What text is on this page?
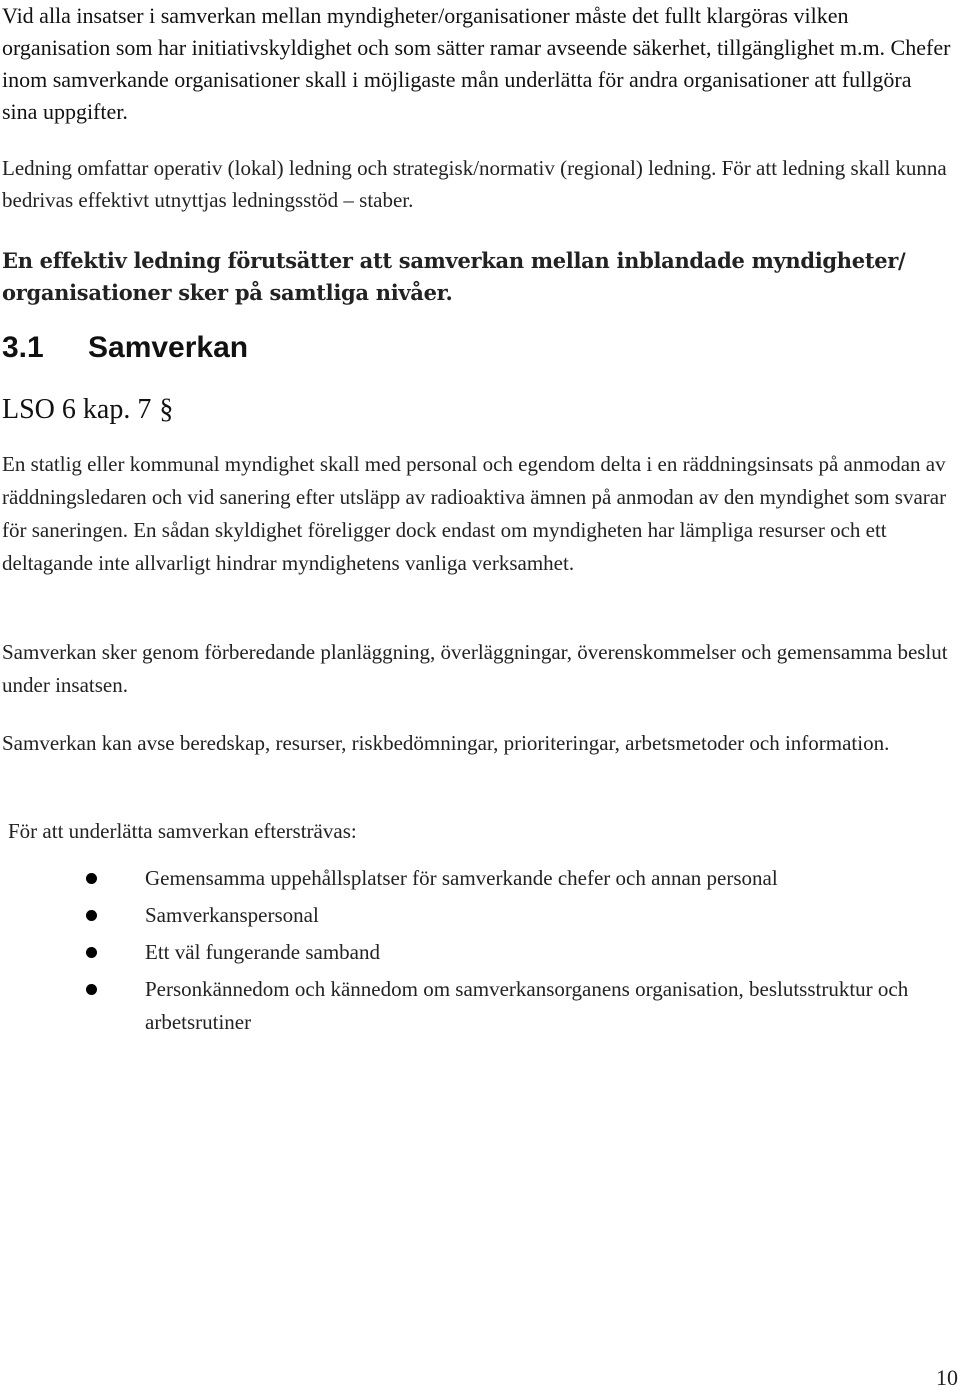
Vid alla insatser i samverkan mellan myndigheter/organisationer måste det fullt klargöras vilken organisation som har initiativskyldighet och som sätter ramar avseende säkerhet, tillgänglighet m.m. Chefer inom samverkande organisationer skall i möjligaste mån underlätta för andra organisationer att fullgöra sina uppgifter.

Ledning omfattar operativ (lokal) ledning och strategisk/normativ (regional) ledning. För att ledning skall kunna bedrivas effektivt utnyttjas ledningsstöd – staber.

En effektiv ledning förutsätter att samverkan mellan inblandade myndigheter/ organisationer sker på samtliga nivåer.

3.1 Samverkan
LSO 6 kap. 7 §

En statlig eller kommunal myndighet skall med personal och egendom delta i en räddningsinsats på anmodan av räddningsledaren och vid sanering efter utsläpp av radioaktiva ämnen på anmodan av den myndighet som svarar för saneringen. En sådan skyldighet föreligger dock endast om myndigheten har lämpliga resurser och ett deltagande inte allvarligt hindrar myndighetens vanliga verksamhet.

Samverkan sker genom förberedande planläggning, överläggningar, överenskommelser och gemensamma beslut under insatsen.

Samverkan kan avse beredskap, resurser, riskbedömningar, prioriteringar, arbetsmetoder och information.

För att underlätta samverkan eftersträvas:

Gemensamma uppehållsplatser för samverkande chefer och annan personal
Samverkanspersonal
Ett väl fungerande samband
Personkännedom och kännedom om samverkansorganens organisation, beslutsstruktur och arbetsrutiner
10
